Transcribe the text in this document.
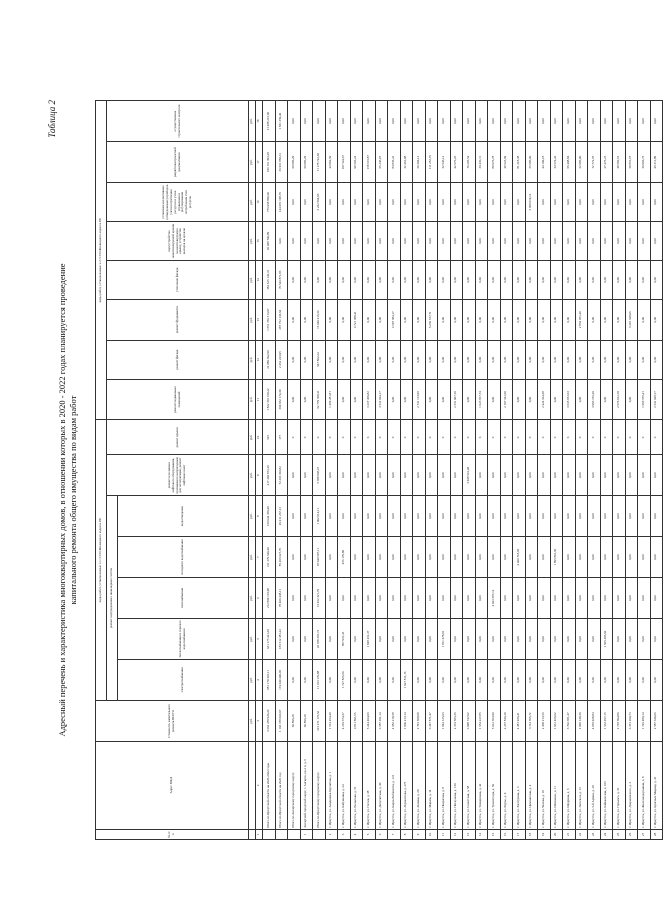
Адресный перечень и характеристика многоквартирных домов, в отношении которых в 2020 - 2022 годах планируется проведение капитального ремонта общего имущества по видам работ
Таблица 2
№ п/п	Адрес МКД	Стоимость капитального ремонта ВСЕГО	виды работ, установленные ч.1 ст.166 Жилищного кодекса РФ							виды работ, установленные ч.2 ст.166 Жилищного кодекса РФ							
			ремонт внутридомовых инженерных систем					ремонт или замена лифтового оборудования, признанного непригодным для эксплуатации, ремонт лифтовых шахт	ремонт крыши	ремонт подвальных помещений	ремонт фасада	ремонт фундамента	утепление фасада	переустройство невентилируемой крыши на вентилируемую крышу, устройство выходов на кровлю	установка коллективных (общедомовых) приборов учета потребления ресурсов и узлов управления и регулирования потребления этих ресурсов	разработка проектной документации	осуществление строительного контроля
			электроснабжения	теплоснабжения и горячего водоснабжения	газоснабжения	холодного водоснабжения	водоотведения										
		руб.	руб.	руб.	руб.	руб.	руб.	руб.	руб.	руб.	руб.	руб.	руб.	руб.	руб.	руб.	руб.
1	2	3	4	5	6	7	8	9	10	11	12	13	14	15	16	17	18
	Итого по Иркутской области на 2020-2022 годы	3 262 479 946,20	681 179 345,11	631 175 421,05	212 809 135,98	211 379 649,49	150 044 359,49	417 294 872,20	525	1 822 301 169,22	22 089 392,90	1 651 730 313,97	184 525 143,31	20 489 700,89	776 068 890,00	196 161 393,28	21 938 216,06
	Итого по Иркутской области на 2020 год	1 103 378 003,97	174 049 490,05	183 512 481,22	78 400 438,11	85 206 027,76	29 411 267,13	72 293 303,82	177	309 952 174,39	2 452 223,95	287 752 133,64	70 520 871,83	0,00	144 081 198,76	36 961 883,31	1 831 359,40
	Итого по Ангарскому городскому округу	60 896,29	0,00	0,00	0,00	0,00	0,00	0,00	0	0,00	0,00	0,00	0,00	0,00	0,00	60 896,29	0,00
1	Ангарский городской округ, г. Ангарск, кв-л 4, д. 6	60 896,29	0,00	0,00	0,00	0,00	0,00	0,00	0	0,00	0,00	0,00	0,00	0,00	0,00	60 896,29	0,00
	Итого по Иркутскому городскому округу	213 271 173,62	11 013 170,88	43 188 307,72	13 452 321,79	18 040 597,11	1 002 014,11	5 388 848,47	0	62 779 368,21	647 802,24	15 040 416,34	0,00	0,00	3 232 604,06	11 178 722,30	0,00
2	г. Иркутск, ул. Академика Курчатова, д. 1	1 514 264,40	0,00	0,00	0,00	0,00	0,00	0,00	0	1 469 281,81	0,00	0,00	0,00	0,00	0,00	44 982,59	0,00
3	г. Иркутск, ул. Бабушкина, д. 24	4 219 374,37	1 727 825,60	867 931,33	0,00	456 170,89	0,00	0,00	0	0,00	0,00	0,00	0,00	0,00	0,00	197 524,67	0,00
4	г. Иркутск, ул. Волжская, д. 51	4 811 891,65	0,00	0,00	0,00	0,00	0,00	0,00	0	0,00	0,00	4 721 388,41	0,00	0,00	0,00	90 503,24	0,00
5	г. Иркутск, ул. Гоголя, д. 38	5 244 404,06	0,00	1 848 261,37	0,00	0,00	0,00	0,00	0	3 237 469,82	0,00	0,00	0,00	0,00	0,00	158 672,87	0,00
6	г. Иркутск, ул. Депутатская, д. 40	3 587 291,14	0,00	0,00	0,00	0,00	0,00	0,00	0	3 522 044,17	0,00	0,00	0,00	0,00	0,00	65 246,97	0,00
7	г. Иркутск, ул. Карла Либкнехта, д. 121	4 682 219,58	0,00	0,00	0,00	0,00	0,00	0,00	0	0,00	0,00	4 597 384,17	0,00	0,00	0,00	84 835,41	0,00
8	г. Иркутск, ул. Лермонтова, д. 275	1 960 213,14	1 927 811,16	0,00	0,00	0,00	0,00	0,00	0	0,00	0,00	0,00	0,00	0,00	0,00	32 401,98	0,00
9	г. Иркутск, ул. Ленина, д. 20	2 791 508,08	0,00	0,00	0,00	0,00	0,00	0,00	0	2 741 113,96	0,00	0,00	0,00	0,00	0,00	50 394,12	0,00
10	г. Иркутск, ул. Марата, д. 14	6 347 871,47	0,00	0,00	0,00	0,00	0,00	0,00	0	0,00	0,00	6 236 617,71	0,00	0,00	0,00	111 253,76	0,00
11	г. Иркутск, ул. Некрасова, д. 8	1 844 125,03	0,00	1 811 478,91	0,00	0,00	0,00	0,00	0	0,00	0,00	0,00	0,00	0,00	0,00	32 646,12	0,00
12	г. Иркутск, ул. Пискунова, д. 130	2 374 583,36	0,00	0,00	0,00	0,00	0,00	0,00	0	2 331 907,10	0,00	0,00	0,00	0,00	0,00	42 676,26	0,00
13	г. Иркутск, ул. Советская, д. 58	3 998 747,02	0,00	0,00	0,00	0,00	0,00	3 928 541,48	0	0,00	0,00	0,00	0,00	0,00	0,00	70 205,54	0,00
14	г. Иркутск, ул. Тимирязева, д. 42	1 654 227,85	0,00	0,00	0,00	0,00	0,00	0,00	0	1 623 817,74	0,00	0,00	0,00	0,00	0,00	30 410,11	0,00
15	г. Иркутск, ул. Трилиссера, д. 50	5 012 663,90	0,00	0,00	4 923 587,12	0,00	0,00	0,00	0	0,00	0,00	0,00	0,00	0,00	0,00	89 076,78	0,00
16	г. Иркутск, ул. Фурье, д. 9	2 237 846,29	0,00	0,00	0,00	0,00	0,00	0,00	0	2 197 322,60	0,00	0,00	0,00	0,00	0,00	40 523,69	0,00
17	г. Иркутск, ул. Халтурина, д. 3	4 481 936,41	0,00	0,00	0,00	4 400 718,03	0,00	0,00	0	0,00	0,00	0,00	0,00	0,00	0,00	81 218,38	0,00
18	г. Иркутск, ул. Цимлянская, д. 4	3 114 705,72	0,00	0,00	0,00	0,00	0,00	0,00	0	0,00	0,00	0,00	0,00	0,00	3 059 019,12	55 686,60	0,00
19	г. Иркутск, ул. Чехова, д. 19	2 468 213,56	0,00	0,00	0,00	0,00	0,00	0,00	0	2 424 104,38	0,00	0,00	0,00	0,00	0,00	44 109,18	0,00
20	г. Иркутск, ул. Шевченко, д. 11	1 931 466,02	0,00	0,00	0,00	1 896 891,60	0,00	0,00	0	0,00	0,00	0,00	0,00	0,00	0,00	34 574,42	0,00
21	г. Иркутск, ул. Щедрина, д. 6	3 702 381,47	0,00	0,00	0,00	0,00	0,00	0,00	0	3 635 972,63	0,00	0,00	0,00	0,00	0,00	66 408,84	0,00
22	г. Иркутск, ул. Энгельса, д. 13	2 906 148,30	0,00	0,00	0,00	0,00	0,00	0,00	0	0,00	0,00	2 854 051,40	0,00	0,00	0,00	52 096,90	0,00
23	г. Иркутск, ул. 5-й Армии, д. 29	4 065 928,84	0,00	0,00	0,00	0,00	0,00	0,00	0	3 993 156,29	0,00	0,00	0,00	0,00	0,00	72 772,55	0,00
24	г. Иркутск, ул. Байкальская, д. 105	1 532 957,15	0,00	1 505 483,92	0,00	0,00	0,00	0,00	0	0,00	0,00	0,00	0,00	0,00	0,00	27 473,23	0,00
25	г. Иркутск, ул. Горького, д. 31	2 718 694,80	0,00	0,00	0,00	0,00	0,00	0,00	0	2 670 012,19	0,00	0,00	0,00	0,00	0,00	48 682,61	0,00
26	г. Иркутск, ул. Дзержинского, д. 2	3 351 209,73	0,00	0,00	0,00	0,00	0,00	0,00	0	0,00	0,00	3 291 348,06	0,00	0,00	0,00	59 861,67	0,00
27	г. Иркутск, ул. Железнодорожная, д. 8	1 726 480,14	0,00	0,00	0,00	0,00	0,00	0,00	0	1 695 576,41	0,00	0,00	0,00	0,00	0,00	30 903,73	0,00
28	г. Иркутск, ул. Красных Мадьяр, д. 41	2 587 340,06	0,00	0,00	0,00	0,00	0,00	0,00	0	2 541 028,17	0,00	0,00	0,00	0,00	0,00	46 311,89	0,00
